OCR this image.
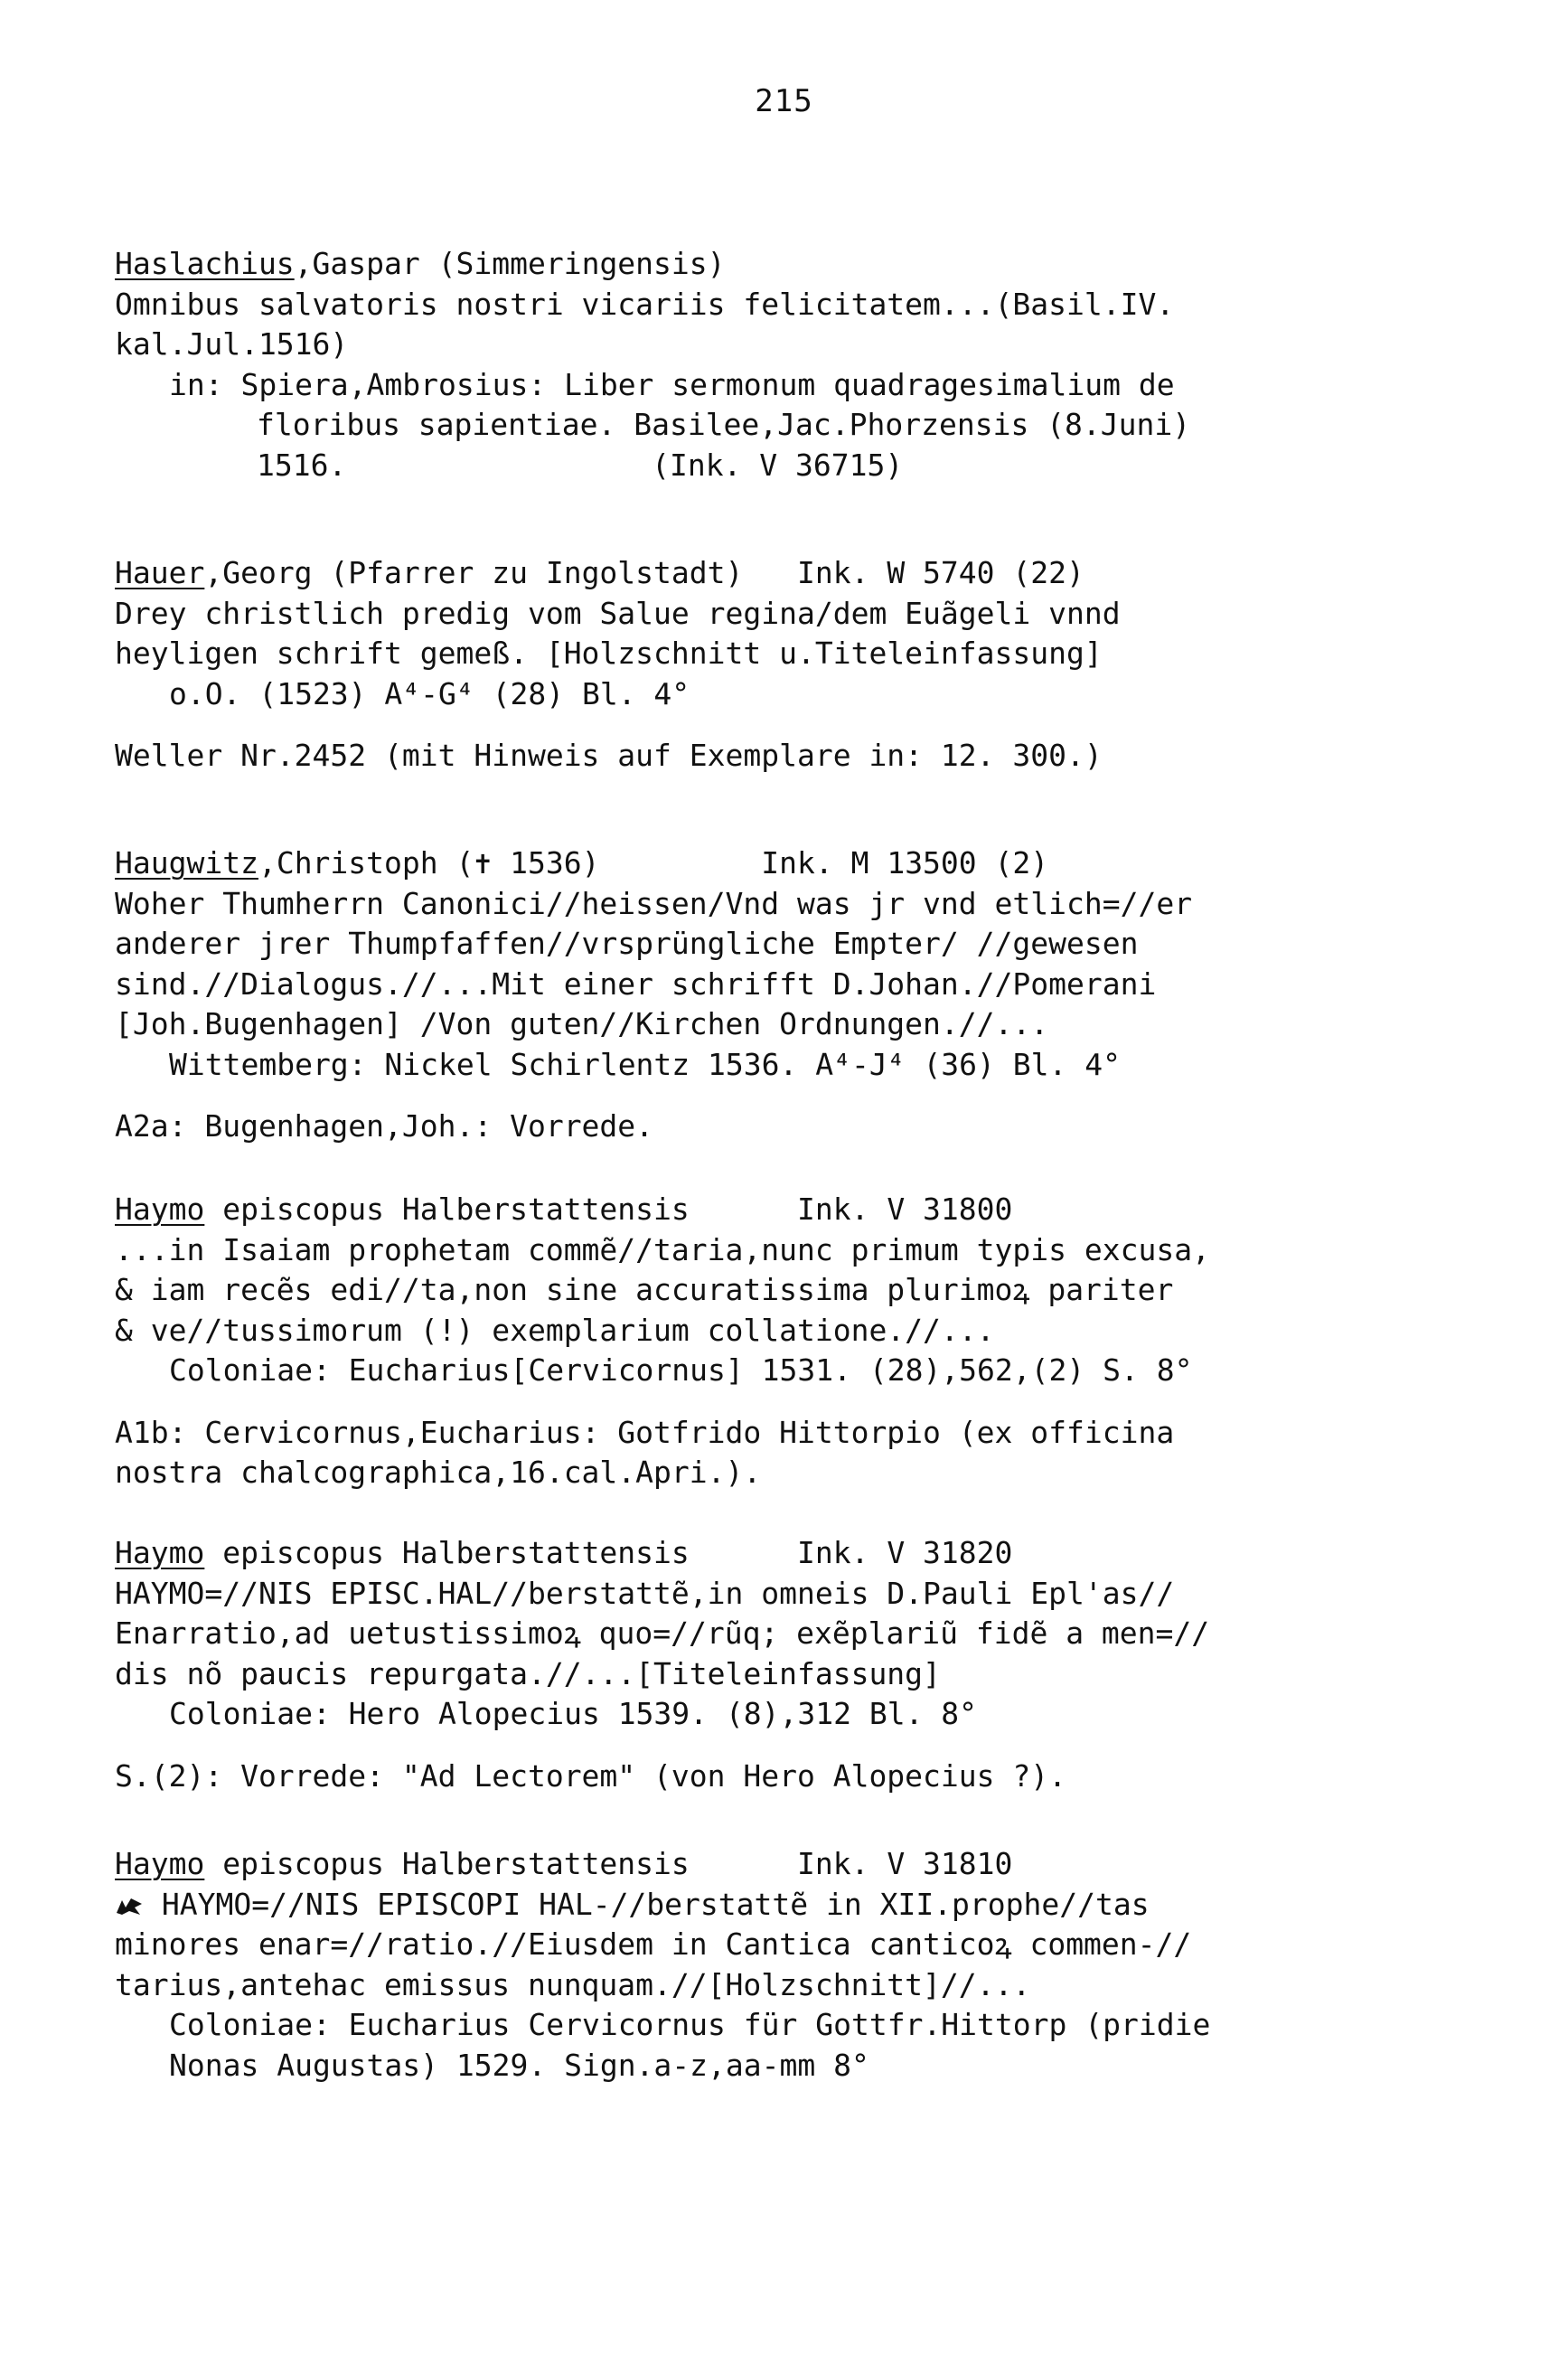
215
Haslachius,Gaspar (Simmeringensis)
Omnibus salvatoris nostri vicariis felicitatem...(Basil.IV.
kal.Jul.1516)
in: Spiera,Ambrosius: Liber sermonum quadragesimalium de
floribus sapientiae. Basilee,Jac.Phorzensis (8.Juni)
1516.                 (Ink. V 36715)
Hauer,Georg (Pfarrer zu Ingolstadt)   Ink. W 5740 (22)
Drey christlich predig vom Salue regina/dem Euãgeli vnnd
heyligen schrift gemeß. [Holzschnitt u.Titeleinfassung]
o.O. (1523) A⁴-G⁴ (28) Bl. 4°
Weller Nr.2452 (mit Hinweis auf Exemplare in: 12. 300.)
Haugwitz,Christoph (✝ 1536)         Ink. M 13500 (2)
Woher Thumherrn Canonici//heissen/Vnd was jr vnd etlich=//er
anderer jrer Thumpfaffen//vrsprüngliche Empter/ //gewesen
sind.//Dialogus.//...Mit einer schrifft D.Johan.//Pomerani
[Joh.Bugenhagen] /Von guten//Kirchen Ordnungen.//...
Wittemberg: Nickel Schirlentz 1536. A⁴-J⁴ (36) Bl. 4°
A2a: Bugenhagen,Joh.: Vorrede.
Haymo episcopus Halberstattensis      Ink. V 31800
...in Isaiam prophetam commẽ//taria,nunc primum typis excusa,
& iam recẽs edi//ta,non sine accuratissima plurimoꝝ pariter
& ve//tussimorum (!) exemplarium collatione.//...
Coloniae: Eucharius[Cervicornus] 1531. (28),562,(2) S. 8°
A1b: Cervicornus,Eucharius: Gotfrido Hittorpio (ex officina
nostra chalcographica,16.cal.Apri.).
Haymo episcopus Halberstattensis      Ink. V 31820
HAYMO=//NIS EPISC.HAL//berstattẽ,in omneis D.Pauli Epl'as//
Enarratio,ad uetustissimoꝝ quo=//rũq; exẽplariũ fidẽ a men=//
dis nõ paucis repurgata.//...[Titeleinfassung]
Coloniae: Hero Alopecius 1539. (8),312 Bl. 8°
S.(2): Vorrede: "Ad Lectorem" (von Hero Alopecius ?).
Haymo episcopus Halberstattensis      Ink. V 31810
HAYMO=//NIS EPISCOPI HAL-//berstattẽ in XII.prophe//tas
minores enar=//ratio.//Eiusdem in Cantica canticoꝝ commen-//
tarius,antehac emissus nunquam.//[Holzschnitt]//...
Coloniae: Eucharius Cervicornus für Gottfr.Hittorp (pridie
Nonas Augustas) 1529. Sign.a-z,aa-mm 8°
